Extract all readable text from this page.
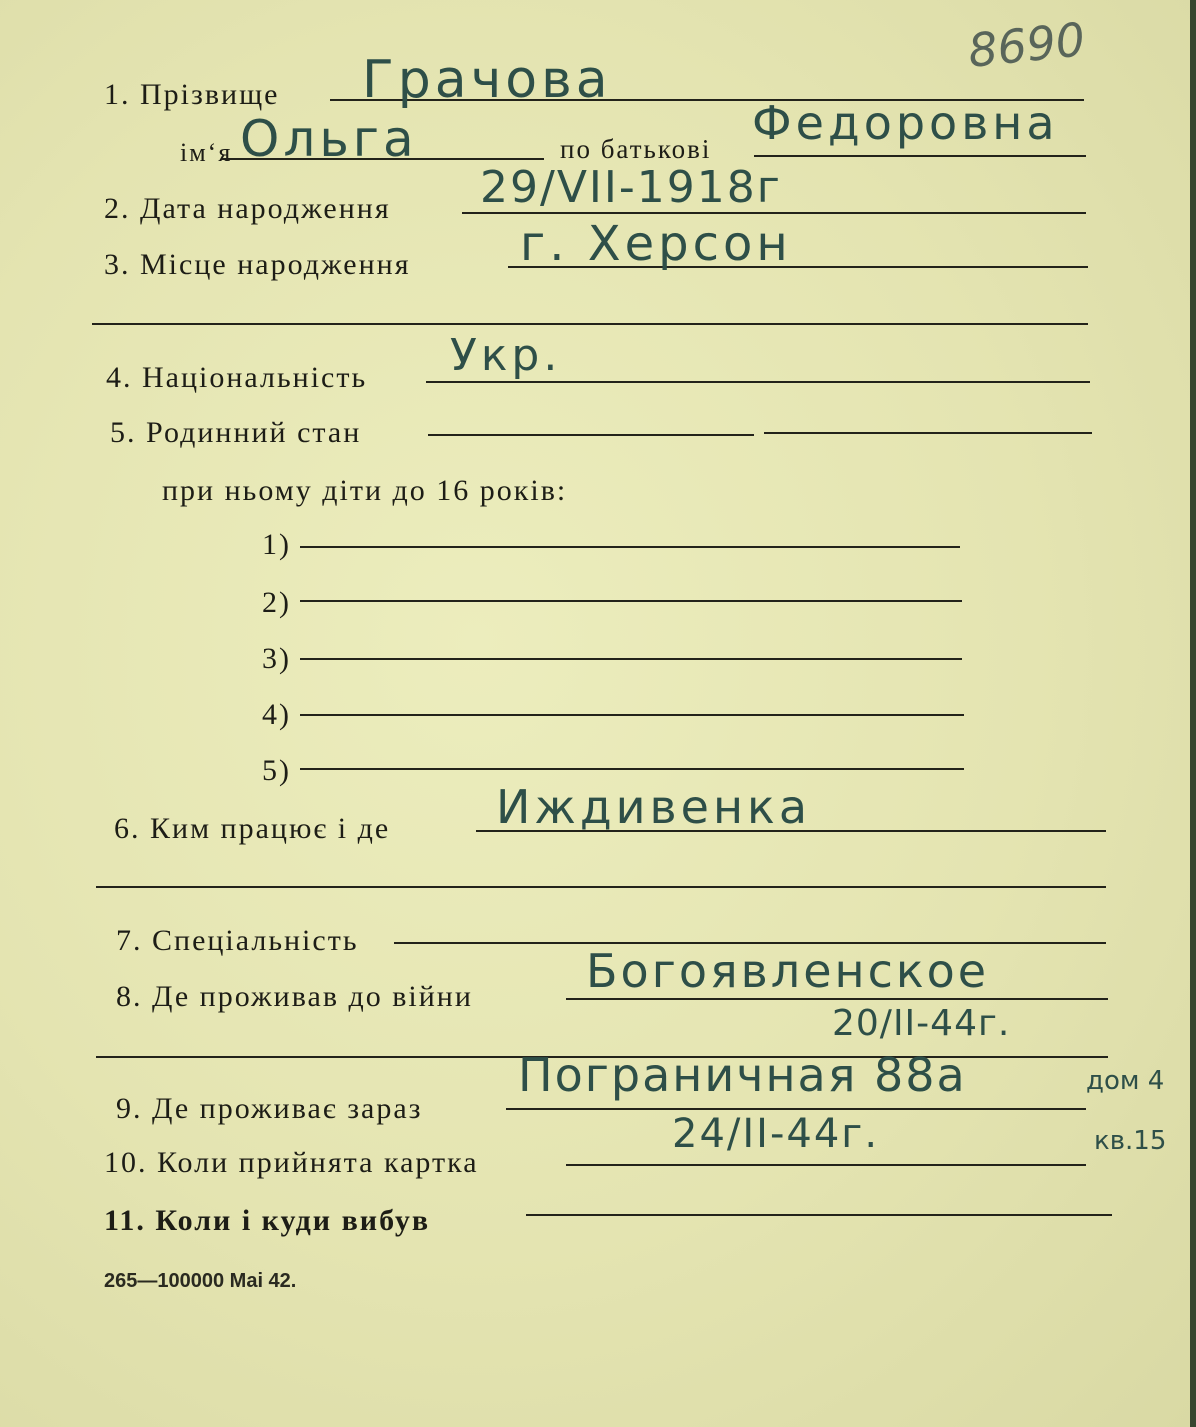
8690
1. Прізвище Грачова
ім‘я Ольга	по батькові Федоровна
2. Дата народження 29/VII-1918г
3. Місце народження г. Херсон
4. Національність Укр.
5. Родинний стан
при ньому діти до 16 років:
1)
2)
3)
4)
5)
6. Ким працює і де Иждивенка
7. Спеціальність
8. Де проживав до війни Богоявленское
20/II-44г.
9. Де проживає зараз
Пограничная 88а	дом 4
кв.15
10. Коли прийнята картка
24/II-44г.
11. Коли і куди вибув
265—100000 Mai 42.
